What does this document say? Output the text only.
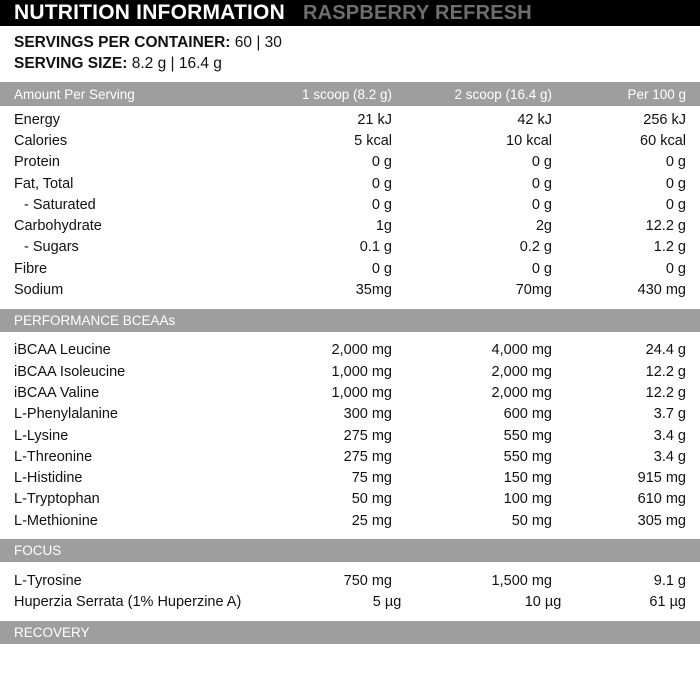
NUTRITION INFORMATION RASPBERRY REFRESH
SERVINGS PER CONTAINER: 60 | 30
SERVING SIZE: 8.2 g | 16.4 g
Amount Per Serving	1 scoop (8.2 g)	2 scoop (16.4 g)	Per 100 g
Energy	21 kJ	42 kJ	256 kJ
Calories	5 kcal	10 kcal	60 kcal
Protein	0 g	0 g	0 g
Fat, Total	0 g	0 g	0 g
- Saturated	0 g	0 g	0 g
Carbohydrate	1g	2g	12.2 g
- Sugars	0.1 g	0.2 g	1.2 g
Fibre	0 g	0 g	0 g
Sodium	35mg	70mg	430 mg
PERFORMANCE BCEAAs
iBCAA Leucine	2,000 mg	4,000 mg	24.4 g
iBCAA Isoleucine	1,000 mg	2,000 mg	12.2 g
iBCAA Valine	1,000 mg	2,000 mg	12.2 g
L-Phenylalanine	300 mg	600 mg	3.7 g
L-Lysine	275 mg	550 mg	3.4 g
L-Threonine	275 mg	550 mg	3.4 g
L-Histidine	75 mg	150 mg	915 mg
L-Tryptophan	50 mg	100 mg	610 mg
L-Methionine	25 mg	50 mg	305 mg
FOCUS
L-Tyrosine	750 mg	1,500 mg	9.1 g
Huperzia Serrata (1% Huperzine A)	5 µg	10 µg	61 µg
RECOVERY
